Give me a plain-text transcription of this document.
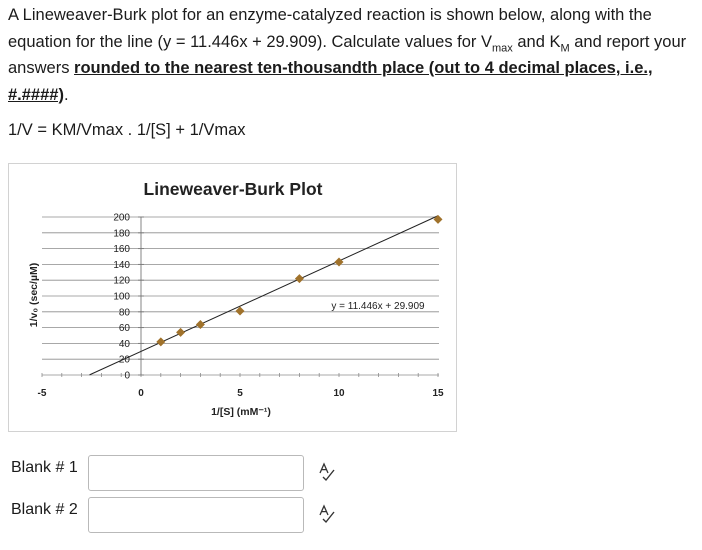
A Lineweaver-Burk plot for an enzyme-catalyzed reaction is shown below, along with the equation for the line (y = 11.446x + 29.909). Calculate values for $V_{max}$ and $K_M$ and report your answers rounded to the nearest ten-thousandth place (out to 4 decimal places, i.e., #.####).
1/V = KM/Vmax . 1/[S] + 1/Vmax
0
20
40
60
80
100
120
140
160
180
200
Lineweaver-Burk Plot
-5	0	5	10	15
1/[S] (mM⁻¹)
1/v₀ (sec/µM)	y = 11.446x + 29.909
Blank # 1
Blank # 2
